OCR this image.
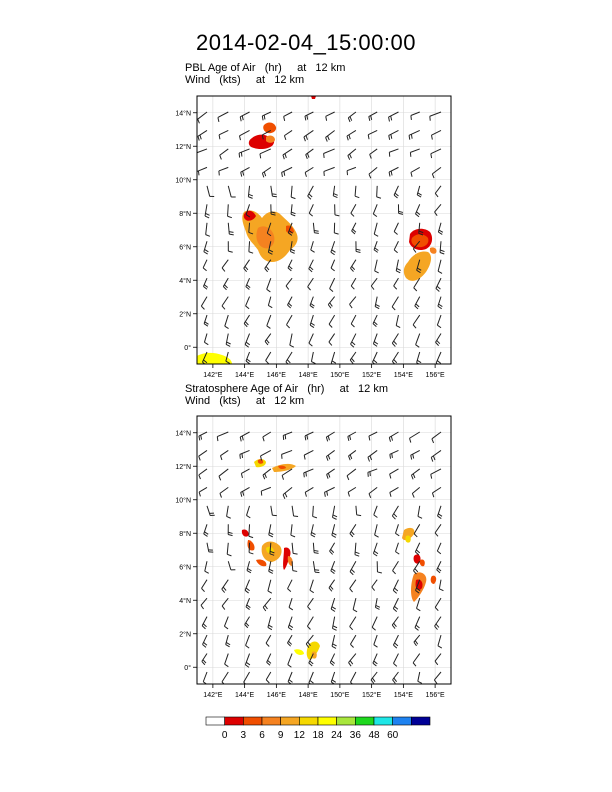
2014-02-04_15:00:00
PBL Age of Air   (hr)     at   12 km
Wind   (kts)     at   12 km
Stratosphere Age of Air   (hr)     at   12 km
Wind   (kts)     at   12 km
142°E 144°E 146°E 148°E 150°E 152°E 154°E 156°E
0°
2°N
4°N
6°N
8°N
10°N
12°N
14°N
142°E 144°E 146°E 148°E 150°E 152°E 154°E 156°E
0°
2°N
4°N
6°N
8°N
10°N
12°N
14°N
0 3 6 9 12 18 24 36 48 60
